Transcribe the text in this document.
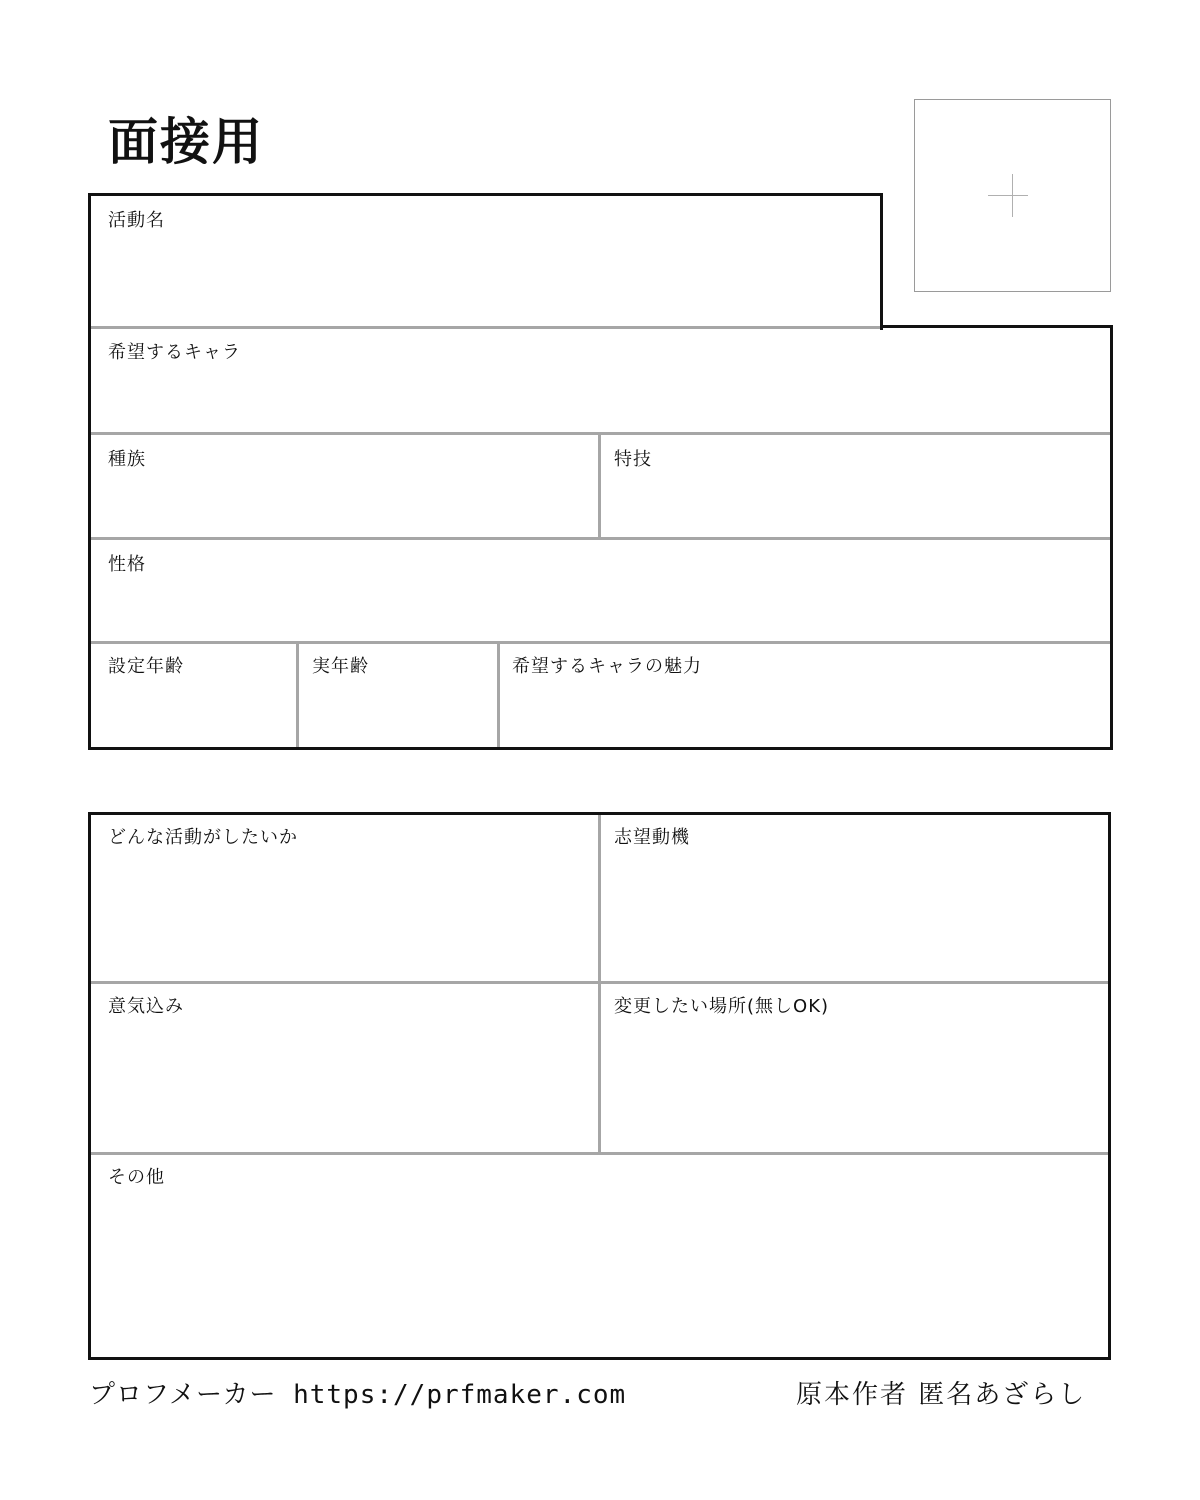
面接用
活動名
希望するキャラ
種族	特技
性格
設定年齢	実年齢	希望するキャラの魅力
どんな活動がしたいか	志望動機
意気込み	変更したい場所(無しOK)
その他
プロフメーカー https://prfmaker.com	原本作者 匿名あざらし
